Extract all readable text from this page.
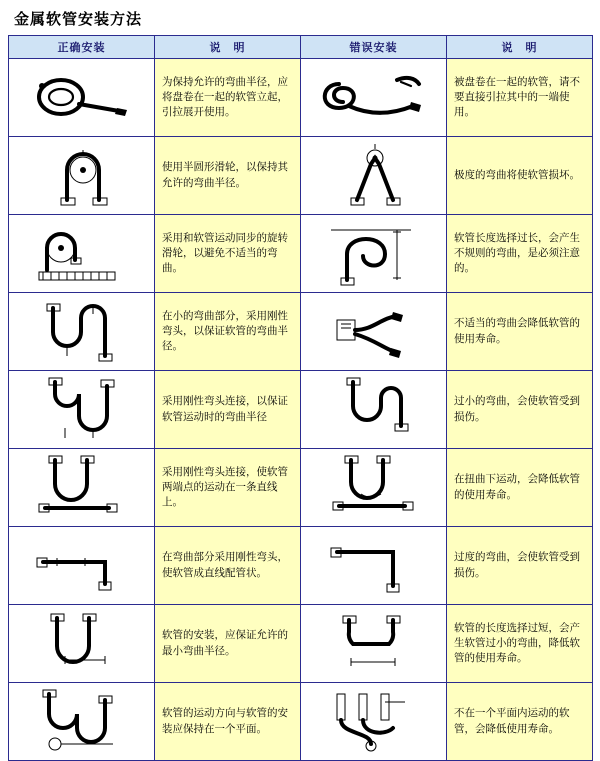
金属软管安装方法
正确安装	说　明	错误安装	说　明

	为保持允许的弯曲半径，应将盘卷在一起的软管立起，引拉展开使用。		被盘卷在一起的软管，请不要直接引拉其中的一端使用。

	使用半圆形滑轮，以保持其允许的弯曲半径。		极度的弯曲将使软管损坏。

	采用和软管运动同步的旋转滑轮，以避免不适当的弯曲。		软管长度选择过长，会产生不规则的弯曲，是必须注意的。

	在小的弯曲部分，采用刚性弯头，以保证软管的弯曲半径。		不适当的弯曲会降低软管的使用寿命。

	采用刚性弯头连接，以保证软管运动时的弯曲半径		过小的弯曲，会使软管受到损伤。

	采用刚性弯头连接，使软管两端点的运动在一条直线上。		在扭曲下运动，会降低软管的使用寿命。

	在弯曲部分采用刚性弯头，使软管成直线配管状。		过度的弯曲，会使软管受到损伤。

	软管的安装，应保证允许的最小弯曲半径。		软管的长度选择过短，会产生软管过小的弯曲，降低软管的使用寿命。

	软管的运动方向与软管的安装应保持在一个平面。		不在一个平面内运动的软管，会降低使用寿命。
